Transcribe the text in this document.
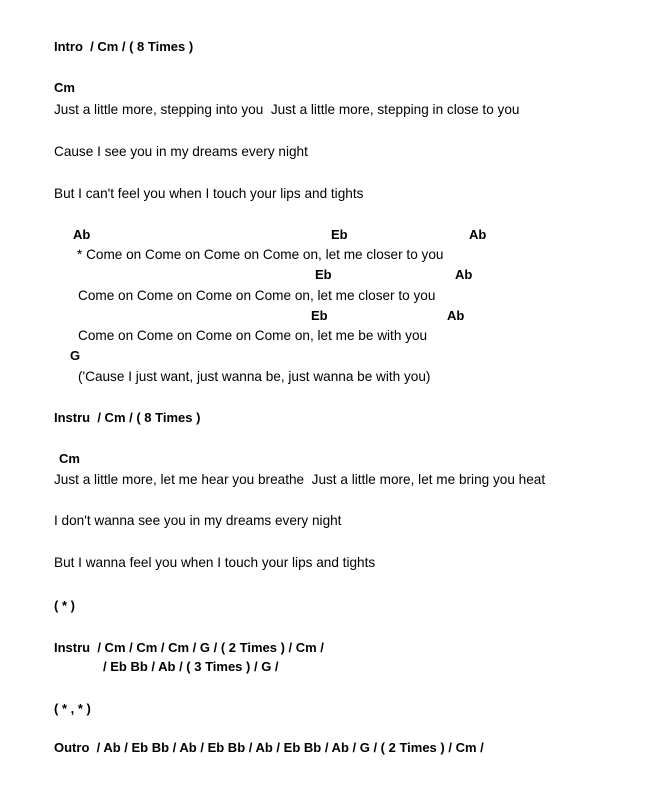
Intro  / Cm / ( 8 Times )
Cm
Just a little more, stepping into you  Just a little more, stepping in close to you
Cause I see you in my dreams every night
But I can't feel you when I touch your lips and tights
Ab	Eb	Ab
* Come on Come on Come on Come on, let me closer to you
Eb	Ab
Come on Come on Come on Come on, let me closer to you
Eb	Ab
Come on Come on Come on Come on, let me be with you
G
('Cause I just want, just wanna be, just wanna be with you)
Instru  / Cm / ( 8 Times )
Cm
Just a little more, let me hear you breathe  Just a little more, let me bring you heat
I don't wanna see you in my dreams every night
But I wanna feel you when I touch your lips and tights
( * )
Instru  / Cm / Cm / Cm / G / ( 2 Times ) / Cm /
/ Eb Bb / Ab / ( 3 Times ) / G /
( * , * )
Outro  / Ab / Eb Bb / Ab / Eb Bb / Ab / Eb Bb / Ab / G / ( 2 Times ) / Cm /
